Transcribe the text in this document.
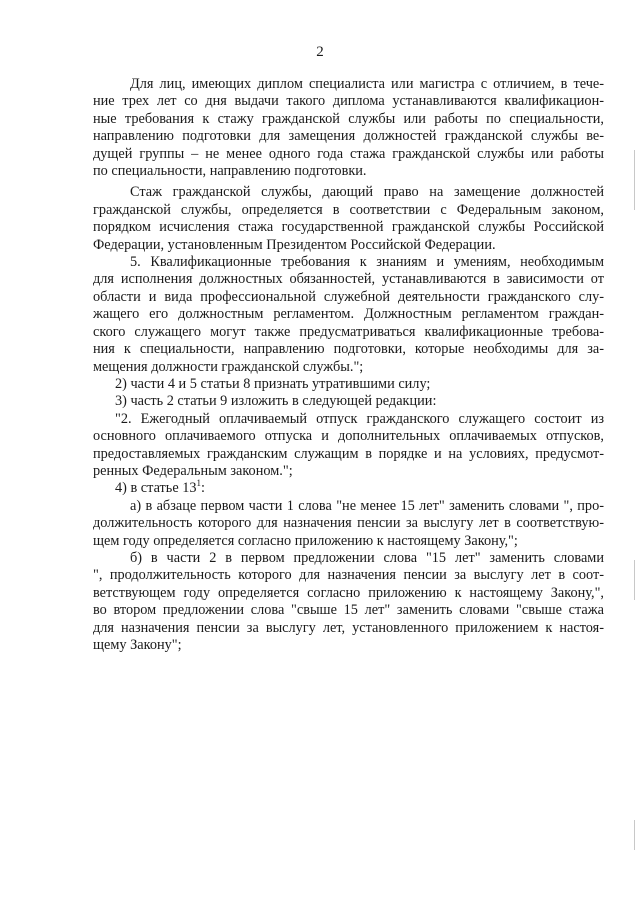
2
Для лиц, имеющих диплом специалиста или магистра с отличием, в тече-
ние трех лет со дня выдачи такого диплома устанавливаются квалификацион-
ные требования к стажу гражданской службы или работы по специальности,
направлению подготовки для замещения должностей гражданской службы ве-
дущей группы – не менее одного года стажа гражданской службы или работы
по специальности, направлению подготовки.
Стаж гражданской службы, дающий право на замещение должностей
гражданской службы, определяется в соответствии с Федеральным законом,
порядком исчисления стажа государственной гражданской службы Российской
Федерации, установленным Президентом Российской Федерации.
5. Квалификационные требования к знаниям и умениям, необходимым
для исполнения должностных обязанностей, устанавливаются в зависимости от
области и вида профессиональной служебной деятельности гражданского слу-
жащего его должностным регламентом. Должностным регламентом граждан-
ского служащего могут также предусматриваться квалификационные требова-
ния к специальности, направлению подготовки, которые необходимы для за-
мещения должности гражданской службы.";
2) части 4 и 5 статьи 8 признать утратившими силу;
3) часть 2 статьи 9 изложить в следующей редакции:
"2. Ежегодный оплачиваемый отпуск гражданского служащего состоит из
основного оплачиваемого отпуска и дополнительных оплачиваемых отпусков,
предоставляемых гражданским служащим в порядке и на условиях, предусмот-
ренных Федеральным законом.";
4) в статье $13^1$:
а) в абзаце первом части 1 слова "не менее 15 лет" заменить словами ", про-
должительность которого для назначения пенсии за выслугу лет в соответствую-
щем году определяется согласно приложению к настоящему Закону,";
б) в части 2 в первом предложении слова "15 лет" заменить словами
", продолжительность которого для назначения пенсии за выслугу лет в соот-
ветствующем году определяется согласно приложению к настоящему Закону,",
во втором предложении слова "свыше 15 лет" заменить словами "свыше стажа
для назначения пенсии за выслугу лет, установленного приложением к настоя-
щему Закону";
